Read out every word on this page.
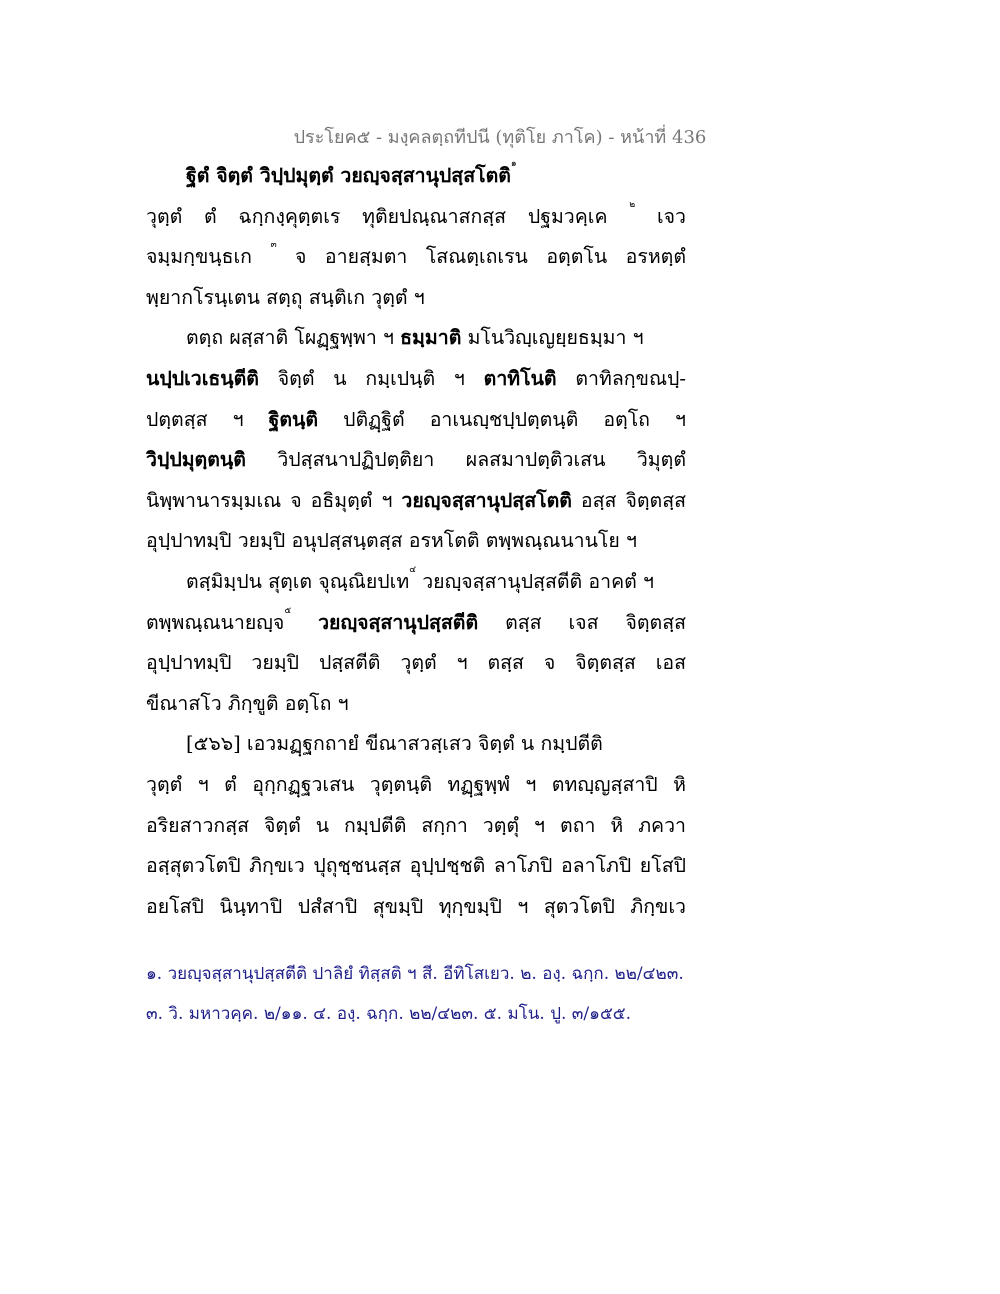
ประโยค๕ - มงฺคลตฺถทีปนี (ทุติโย ภาโค) - หน้าที่ 436
ฐิตํ จิตฺตํ วิปฺปมุตฺตํ วยญฺจสฺสานุปสฺสโตติ$^๑$
วุตฺตํ ตํ ฉกฺกงฺคุตฺตเร ทุติยปณฺณาสกสฺส ปฐมวคฺเค $^๒$ เจว
จมฺมกฺขนฺธเก $^๓$ จ อายสฺมตา โสณตฺเถเรน อตฺตโน อรหตฺตํ
พฺยากโรนฺเตน สตฺถุ สนฺติเก วุตฺตํ ฯ
ตตฺถ ผสฺสาติ โผฏฺฐพฺพา ฯ ธมฺมาติ มโนวิญฺเญยฺยธมฺมา ฯ
นปฺปเวเธนฺตีติ จิตฺตํ น กมฺเปนฺติ ฯ ตาทิโนติ ตาทิลกฺขณปฺ-
ปตฺตสฺส ฯ ฐิตนฺติ ปติฏฺฐิตํ อาเนญฺชปฺปตฺตนฺติ อตฺโถ ฯ
วิปฺปมุตฺตนฺติ วิปสฺสนาปฏิปตฺติยา ผลสมาปตฺติวเสน วิมุตฺตํ
นิพฺพานารมฺมเณ จ อธิมุตฺตํ ฯ วยญฺจสฺสานุปสฺสโตติ อสฺส จิตฺตสฺส
อุปฺปาทมฺปิ วยมฺปิ อนุปสฺสนฺตสฺส อรหโตติ ตพฺพณฺณนานโย ฯ
ตสฺมิมฺปน สุตฺเต จุณฺณิยปเท$^๔$ วยญฺจสฺสานุปสฺสตีติ อาคตํ ฯ
ตพฺพณฺณนายญฺจ$^๕$ วยญฺจสฺสานุปสฺสตีติ ตสฺส เจส จิตฺตสฺส
อุปฺปาทมฺปิ วยมฺปิ ปสฺสตีติ วุตฺตํ ฯ ตสฺส จ จิตฺตสฺส เอส
ขีณาสโว ภิกฺขูติ อตฺโถ ฯ
[๕๖๖] เอวมฏฺฐกถายํ ขีณาสวสฺเสว จิตฺตํ น กมฺปตีติ
วุตฺตํ ฯ ตํ อุกฺกฏฺฐวเสน วุตฺตนฺติ ทฏฺฐพฺพํ ฯ ตทญฺญสฺสาปิ หิ
อริยสาวกสฺส จิตฺตํ น กมฺปตีติ สกฺกา วตฺตุํ ฯ ตถา หิ ภควา
อสฺสุตวโตปิ ภิกฺขเว ปุถุชฺชนสฺส อุปฺปชฺชติ ลาโภปิ อลาโภปิ ยโสปิ
อยโสปิ นินฺทาปิ ปสํสาปิ สุขมฺปิ ทุกฺขมฺปิ ฯ สุตวโตปิ ภิกฺขเว
๑. วยญฺจสฺสานุปสฺสตีติ ปาลิยํ ทิสฺสติ ฯ สี. อีทิโสเยว. ๒. องฺ. ฉกฺก. ๒๒/๔๒๓.
๓. วิ. มหาวคฺค. ๒/๑๑. ๔. องฺ. ฉกฺก. ๒๒/๔๒๓. ๕. มโน. ปู. ๓/๑๕๕.
